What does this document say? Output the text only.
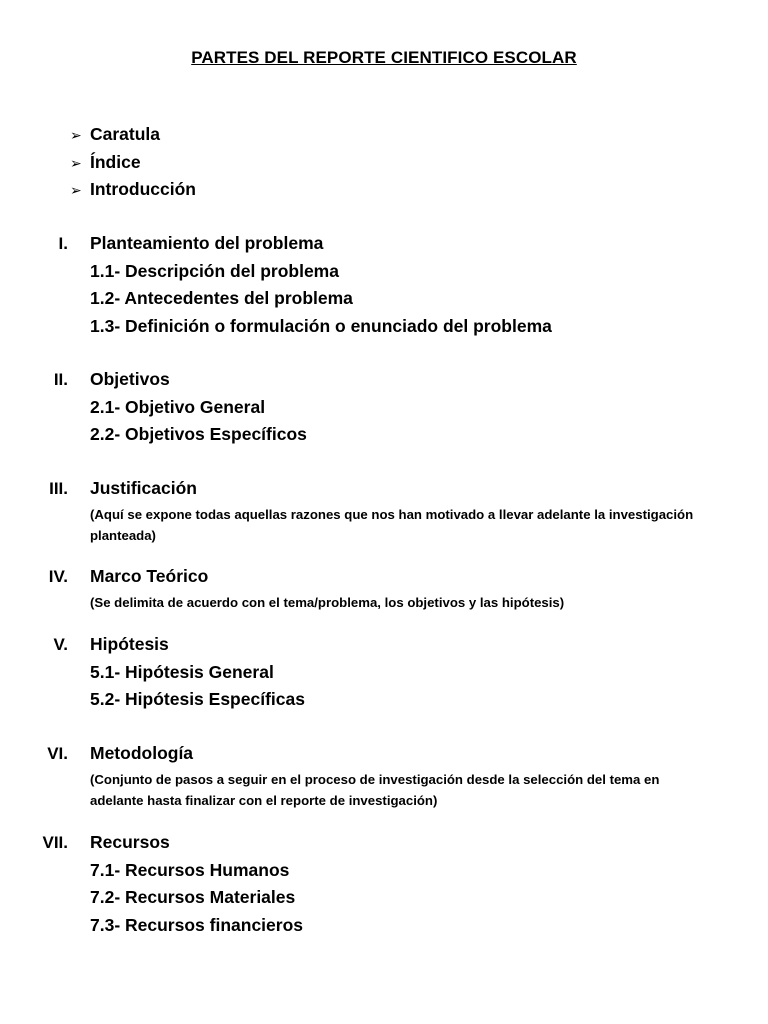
PARTES DEL REPORTE CIENTIFICO ESCOLAR
➢ Caratula
➢ Índice
➢ Introducción
I. Planteamiento del problema
1.1- Descripción del problema
1.2- Antecedentes del problema
1.3- Definición o formulación o enunciado del problema
II. Objetivos
2.1- Objetivo General
2.2- Objetivos Específicos
III. Justificación
(Aquí se expone todas aquellas razones que nos han motivado a llevar adelante la investigación planteada)
IV. Marco Teórico
(Se delimita de acuerdo con el tema/problema, los objetivos y las hipótesis)
V. Hipótesis
5.1- Hipótesis General
5.2- Hipótesis Específicas
VI. Metodología
(Conjunto de pasos a seguir en el proceso de investigación desde la selección del tema en adelante hasta finalizar con el reporte de investigación)
VII. Recursos
7.1- Recursos Humanos
7.2- Recursos Materiales
7.3- Recursos financieros
